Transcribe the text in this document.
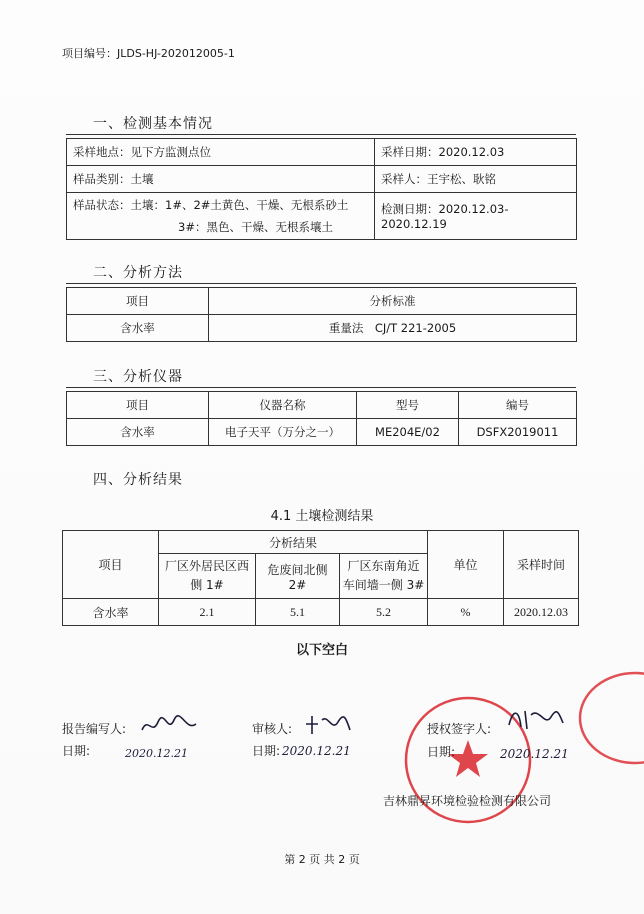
项目编号：JLDS-HJ-202012005-1
一、检测基本情况
采样地点：见下方监测点位	采样日期：2020.12.03
样品类别：土壤	采样人：王宇松、耿铭

样品状态：土壤：1#、2#土黄色、干燥、无根系砂土
3#：黑色、干燥、无根系壤土	检测日期：2020.12.03-2020.12.19
二、分析方法
项目	分析标准
含水率	重量法　CJ/T 221-2005
三、分析仪器
项目	仪器名称	型号	编号
含水率	电子天平（万分之一）	ME204E/02	DSFX2019011
四、分析结果
4.1 土壤检测结果
项目	分析结果			单位	采样时间
	厂区外居民区西侧 1#	危废间北侧 2#	厂区东南角近车间墙一侧 3#		
含水率	2.1	5.1	5.2	%	2020.12.03
以下空白
报告编写人:
日期:	2020.12.21
审核人:
日期: 2020.12.21
授权签字人:
日期:	2020.12.21
吉林鼎昇环境检验检测有限公司
第 2 页 共 2 页
